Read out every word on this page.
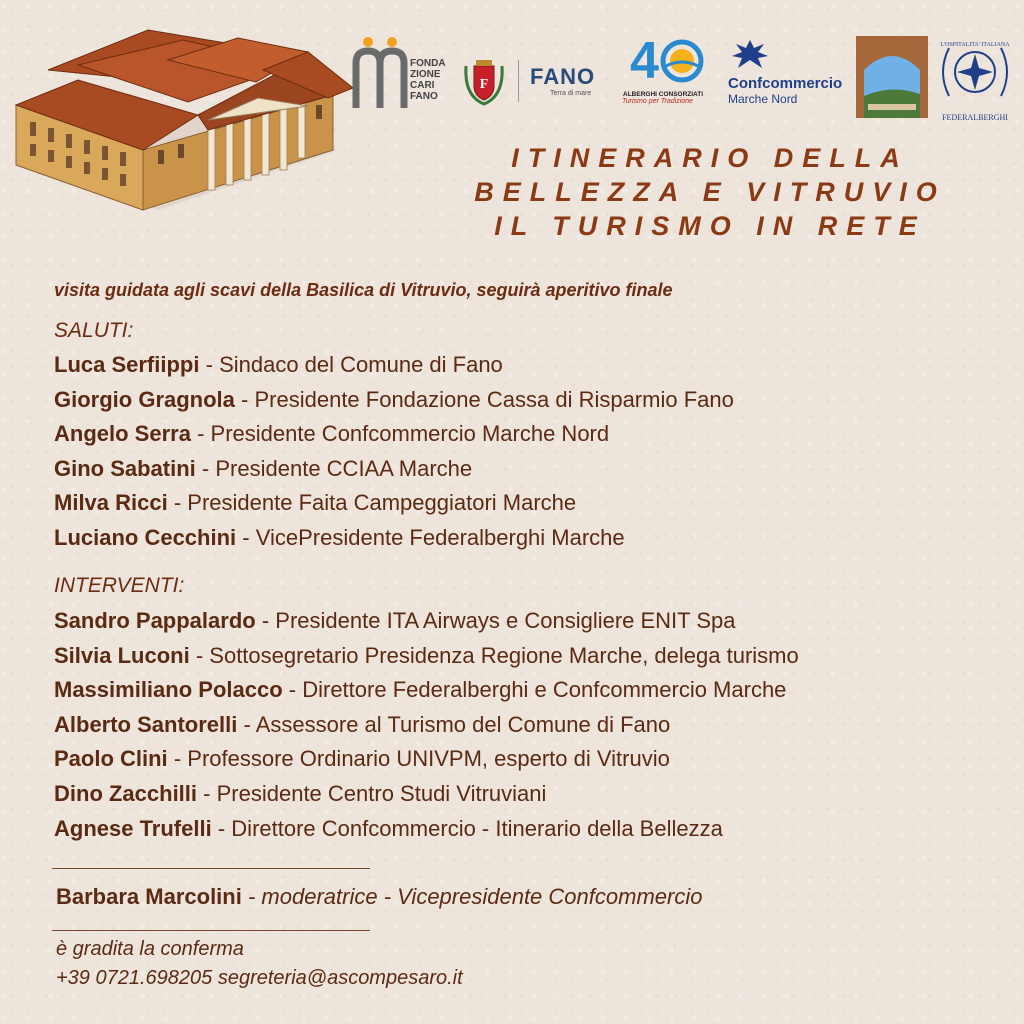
FONDA
ZIONE
CARI
FANO
F FANO
Terra di mare
4
ALBERGHI CONSORZIATI
Turismo per Tradizione
Confcommercio
Marche Nord
L'OSPITALITA' ITALIANA
FEDERALBERGHI
ITINERARIO DELLA
BELLEZZA E VITRUVIO
IL TURISMO IN RETE
visita guidata agli scavi della Basilica di Vitruvio, seguirà aperitivo finale
SALUTI:
Luca Serfiippi - Sindaco del Comune di Fano
Giorgio Gragnola - Presidente Fondazione Cassa di Risparmio Fano
Angelo Serra - Presidente Confcommercio Marche Nord
Gino Sabatini - Presidente CCIAA Marche
Milva Ricci - Presidente Faita Campeggiatori Marche
Luciano Cecchini - VicePresidente Federalberghi Marche
INTERVENTI:
Sandro Pappalardo - Presidente ITA Airways e Consigliere ENIT Spa
Silvia Luconi - Sottosegretario Presidenza Regione Marche, delega turismo
Massimiliano Polacco - Direttore Federalberghi e Confcommercio Marche
Alberto Santorelli - Assessore al Turismo del Comune di Fano
Paolo Clini - Professore Ordinario UNIVPM, esperto di Vitruvio
Dino Zacchilli - Presidente Centro Studi Vitruviani
Agnese Trufelli - Direttore Confcommercio - Itinerario della Bellezza
Barbara Marcolini - moderatrice - Vicepresidente Confcommercio
è gradita la conferma
+39 0721.698205 segreteria@ascompesaro.it
